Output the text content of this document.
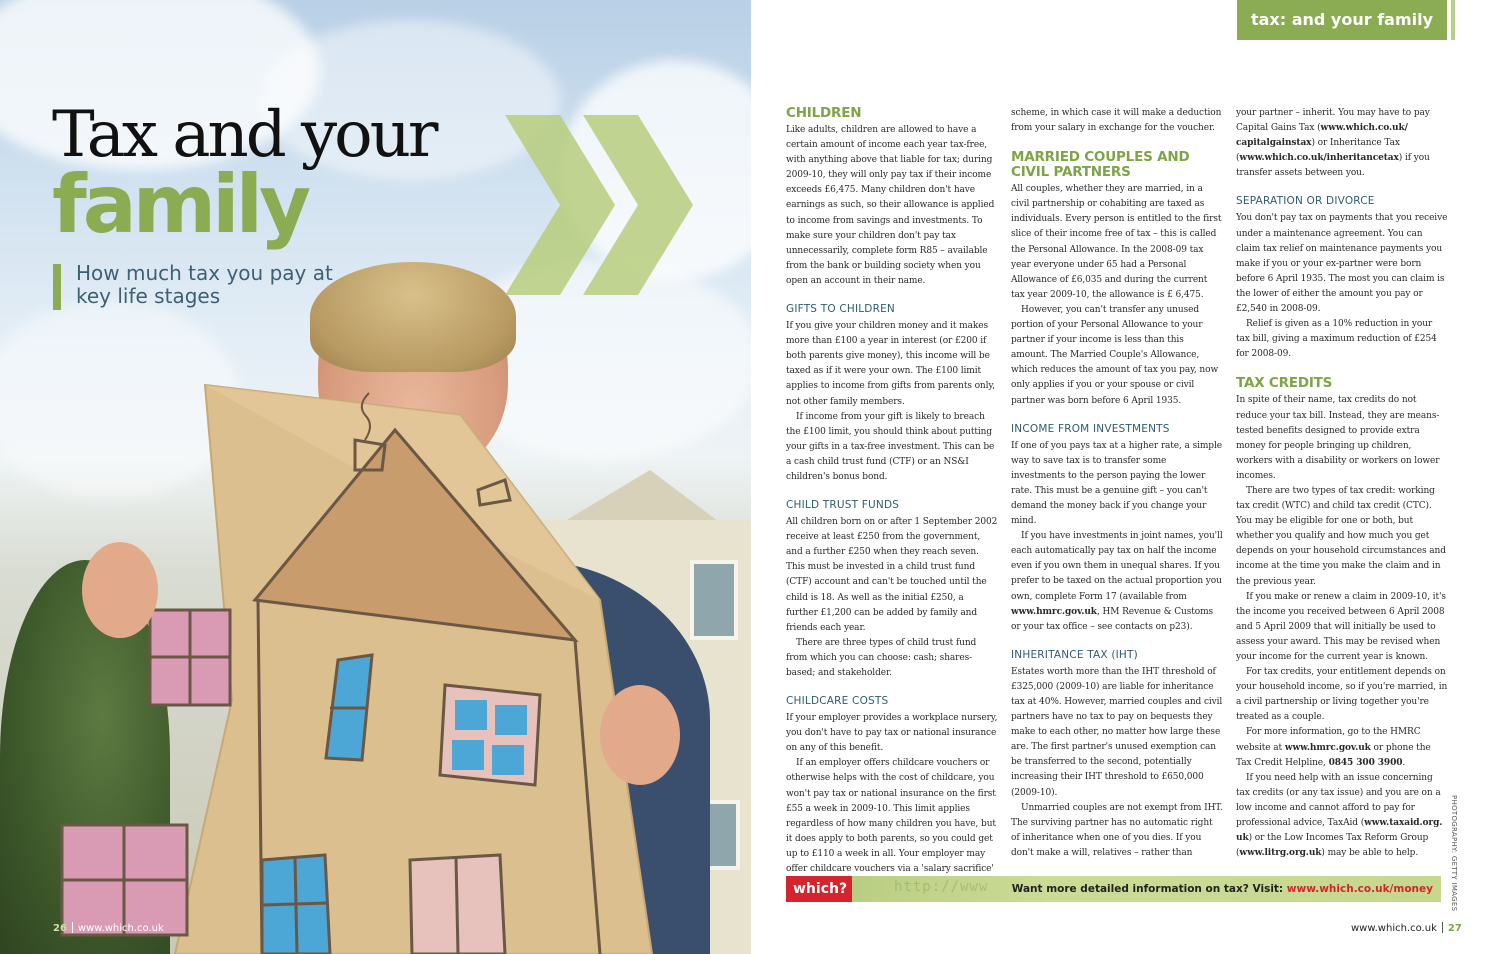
Tax and your
family
How much tax you pay at key life stages
26 www.which.co.uk
tax: and your family
CHILDREN

Like adults, children are allowed to have a certain amount of income each year tax-free, with anything above that liable for tax; during 2009-10, they will only pay tax if their income exceeds £6,475. Many children don't have earnings as such, so their allowance is applied to income from savings and investments. To make sure your children don't pay tax unnecessarily, complete form R85 – available from the bank or building society when you open an account in their name.

GIFTS TO CHILDREN

If you give your children money and it makes more than £100 a year in interest (or £200 if both parents give money), this income will be taxed as if it were your own. The £100 limit applies to income from gifts from parents only, not other family members.

If income from your gift is likely to breach the £100 limit, you should think about putting your gifts in a tax-free investment. This can be a cash child trust fund (CTF) or an NS&I children's bonus bond.

CHILD TRUST FUNDS

All children born on or after 1 September 2002 receive at least £250 from the government, and a further £250 when they reach seven. This must be invested in a child trust fund (CTF) account and can't be touched until the child is 18. As well as the initial £250, a further £1,200 can be added by family and friends each year.

There are three types of child trust fund from which you can choose: cash; shares-based; and stakeholder.

CHILDCARE COSTS

If your employer provides a workplace nursery, you don't have to pay tax or national insurance on any of this benefit.

If an employer offers childcare vouchers or otherwise helps with the cost of childcare, you won't pay tax or national insurance on the first £55 a week in 2009-10. This limit applies regardless of how many children you have, but it does apply to both parents, so you could get up to £110 a week in all. Your employer may offer childcare vouchers via a 'salary sacrifice'

scheme, in which case it will make a deduction from your salary in exchange for the voucher.

MARRIED COUPLES AND CIVIL PARTNERS

All couples, whether they are married, in a civil partnership or cohabiting are taxed as individuals. Every person is entitled to the first slice of their income free of tax – this is called the Personal Allowance. In the 2008-09 tax year everyone under 65 had a Personal Allowance of £6,035 and during the current tax year 2009-10, the allowance is £ 6,475.

However, you can't transfer any unused portion of your Personal Allowance to your partner if your income is less than this amount. The Married Couple's Allowance, which reduces the amount of tax you pay, now only applies if you or your spouse or civil partner was born before 6 April 1935.

INCOME FROM INVESTMENTS

If one of you pays tax at a higher rate, a simple way to save tax is to transfer some investments to the person paying the lower rate. This must be a genuine gift – you can't demand the money back if you change your mind.

If you have investments in joint names, you'll each automatically pay tax on half the income even if you own them in unequal shares. If you prefer to be taxed on the actual proportion you own, complete Form 17 (available from www.hmrc.gov.uk, HM Revenue & Customs or your tax office – see contacts on p23).

INHERITANCE TAX (IHT)

Estates worth more than the IHT threshold of £325,000 (2009-10) are liable for inheritance tax at 40%. However, married couples and civil partners have no tax to pay on bequests they make to each other, no matter how large these are. The first partner's unused exemption can be transferred to the second, potentially increasing their IHT threshold to £650,000 (2009-10).

Unmarried couples are not exempt from IHT. The surviving partner has no automatic right of inheritance when one of you dies. If you don't make a will, relatives – rather than

your partner – inherit. You may have to pay Capital Gains Tax (www.which.co.uk/ capitalgainstax) or Inheritance Tax (www.which.co.uk/inheritancetax) if you transfer assets between you.

SEPARATION OR DIVORCE

You don't pay tax on payments that you receive under a maintenance agreement. You can claim tax relief on maintenance payments you make if you or your ex-partner were born before 6 April 1935. The most you can claim is the lower of either the amount you pay or £2,540 in 2008-09.

Relief is given as a 10% reduction in your tax bill, giving a maximum reduction of £254 for 2008-09.

TAX CREDITS

In spite of their name, tax credits do not reduce your tax bill. Instead, they are means-tested benefits designed to provide extra money for people bringing up children, workers with a disability or workers on lower incomes.

There are two types of tax credit: working tax credit (WTC) and child tax credit (CTC). You may be eligible for one or both, but whether you qualify and how much you get depends on your household circumstances and income at the time you make the claim and in the previous year.

If you make or renew a claim in 2009-10, it's the income you received between 6 April 2008 and 5 April 2009 that will initially be used to assess your award. This may be revised when your income for the current year is known.

For tax credits, your entitlement depends on your household income, so if you're married, in a civil partnership or living together you're treated as a couple.

For more information, go to the HMRC website at www.hmrc.gov.uk or phone the Tax Credit Helpline, 0845 300 3900.

If you need help with an issue concerning tax credits (or any tax issue) and you are on a low income and cannot afford to pay for professional advice, TaxAid (www.taxaid.org. uk) or the Low Incomes Tax Reform Group (www.litrg.org.uk) may be able to help.	PHOTOGRAPHY: GETTY IMAGES
which?	http://www Want more detailed information on tax? Visit: www.which.co.uk/money
www.which.co.uk 27
